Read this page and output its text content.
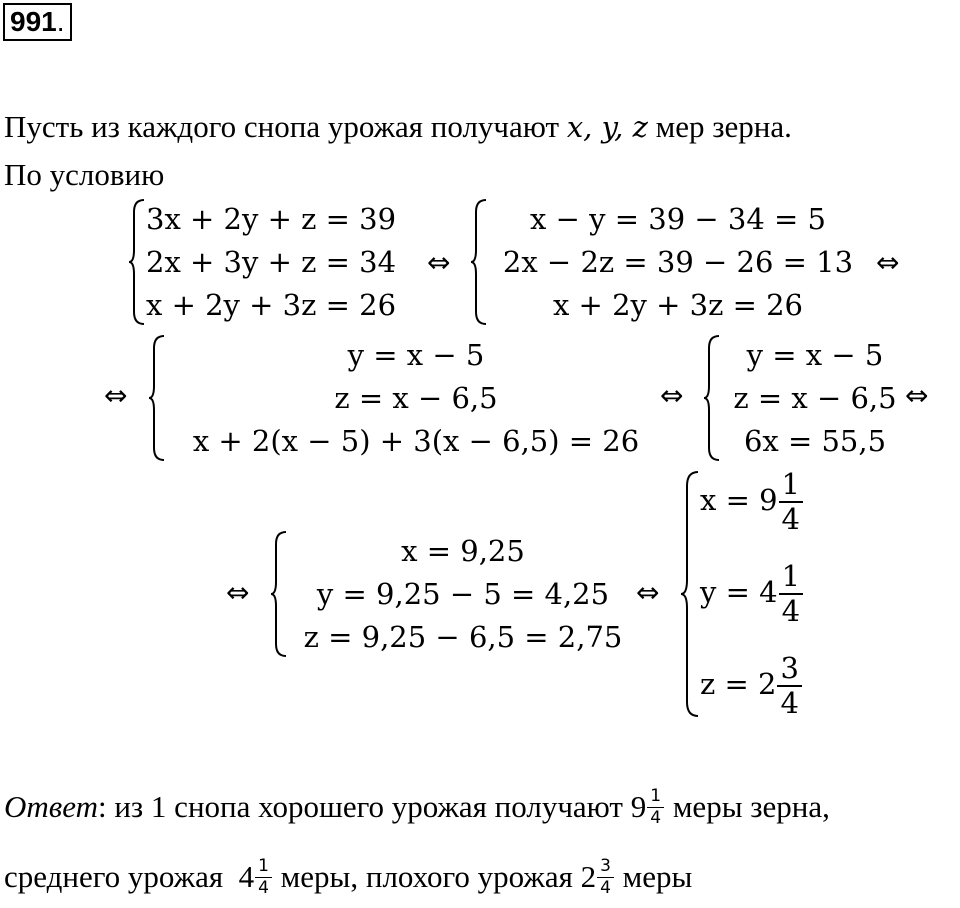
991.
Пусть из каждого снопа урожая получают x, y, z мер зерна.
По условию
3x + 2y + z = 39
2x + 3y + z = 34
x + 2y + 3z = 26
⇔
x − y = 39 − 34 = 5
2x − 2z = 39 − 26 = 13
x + 2y + 3z = 26
⇔
⇔
y = x − 5
z = x − 6,5
x + 2(x − 5) + 3(x − 6,5) = 26
⇔
y = x − 5
z = x − 6,5
6x = 55,5
⇔
⇔
x = 9,25
y = 9,25 − 5 = 4,25
z = 9,25 − 6,5 = 2,75
⇔
$x = 9 \frac{1}{4}$
$y = 4 \frac{1}{4}$
$z = 2 \frac{3}{4}$
Ответ : из 1 снопа хорошего урожая получают $9 \frac{1}{4}$ меры зерна,
среднего урожая $4 \frac{1}{4}$ меры, плохого урожая $2 \frac{3}{4}$ меры
